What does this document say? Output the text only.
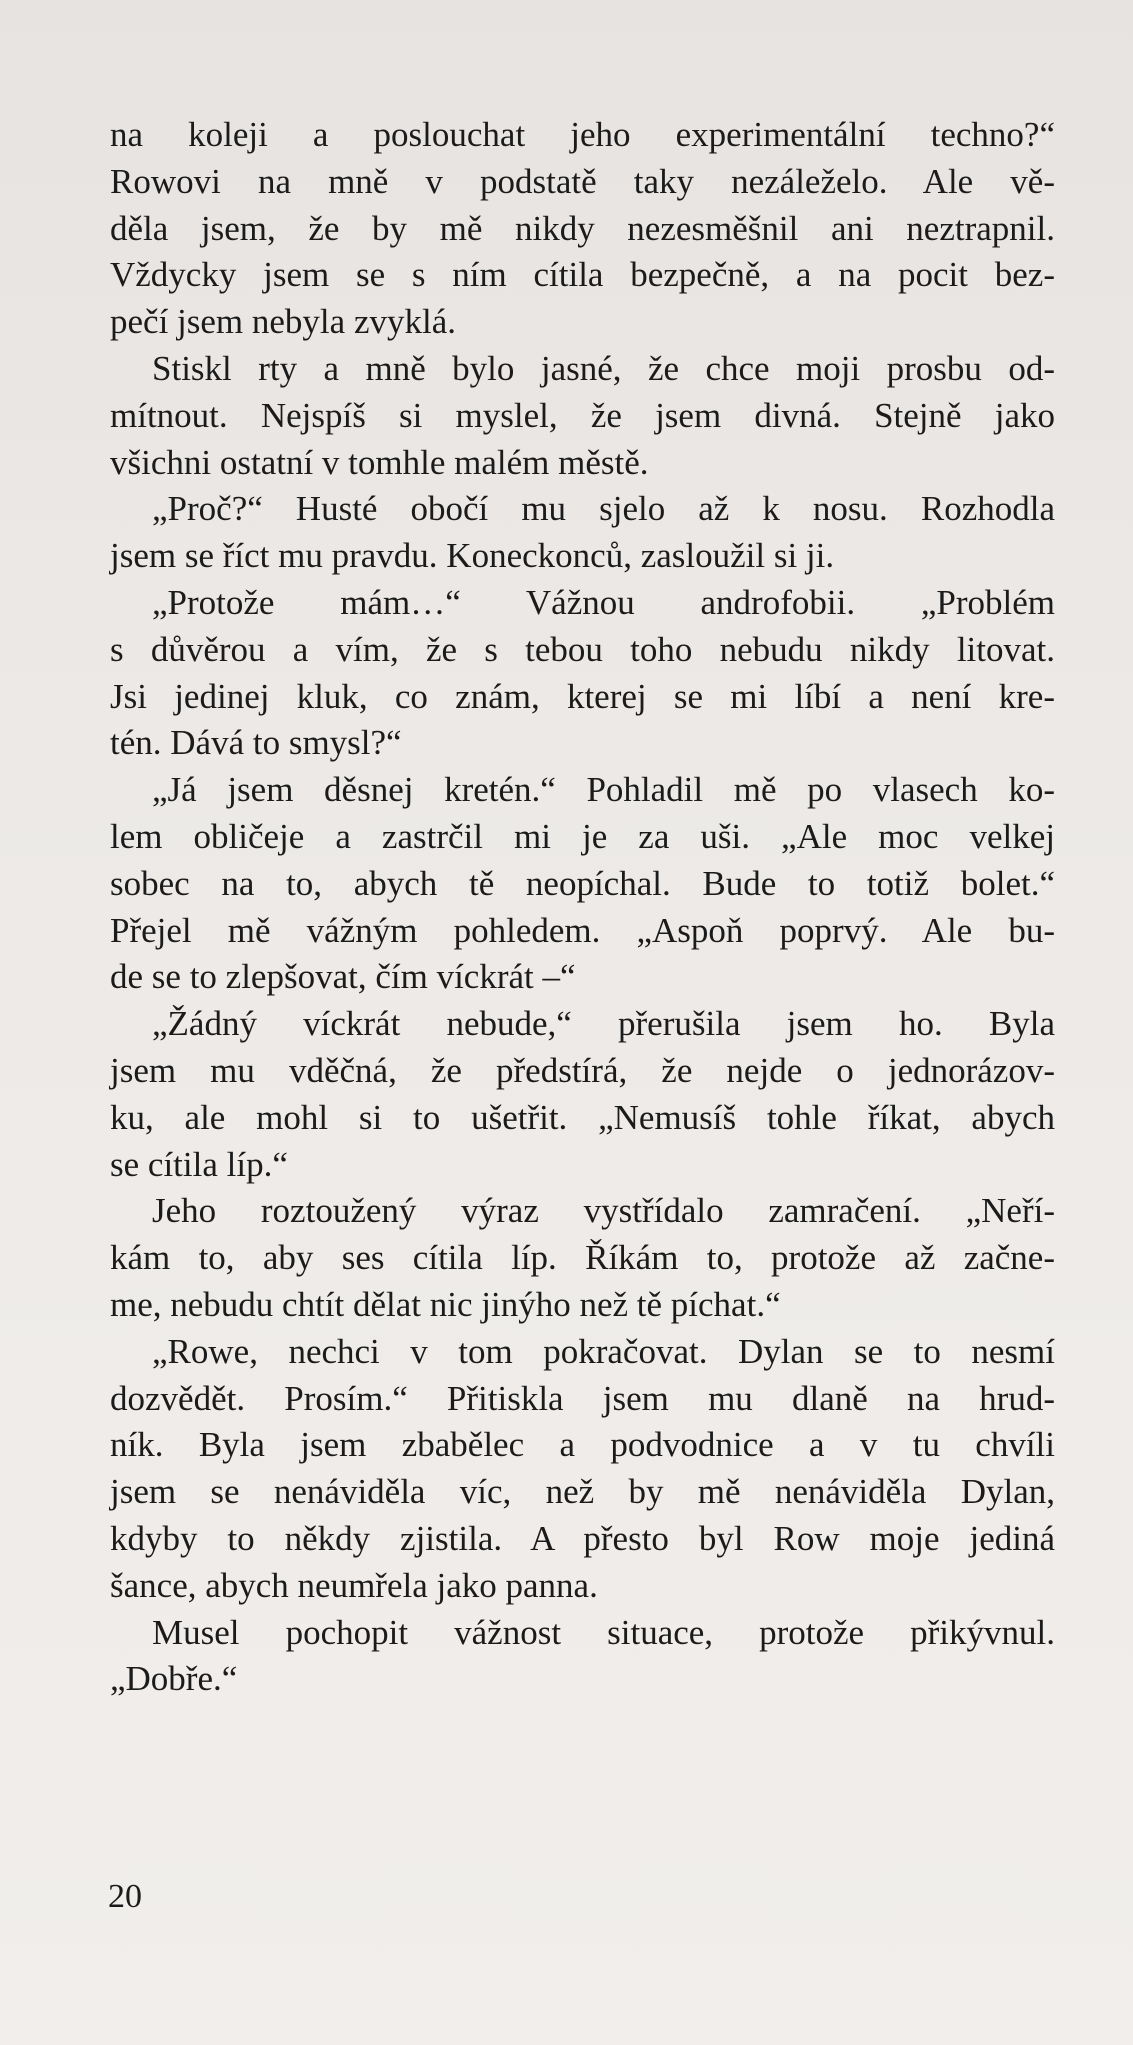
na koleji a poslouchat jeho experimentální techno?“
Rowovi na mně v podstatě taky nezáleželo. Ale vě-
děla jsem, že by mě nikdy nezesměšnil ani neztrapnil.
Vždycky jsem se s ním cítila bezpečně, a na pocit bez-
pečí jsem nebyla zvyklá.
Stiskl rty a mně bylo jasné, že chce moji prosbu od-
mítnout. Nejspíš si myslel, že jsem divná. Stejně jako
všichni ostatní v tomhle malém městě.
„Proč?“ Husté obočí mu sjelo až k nosu. Rozhodla
jsem se říct mu pravdu. Koneckonců, zasloužil si ji.
„Protože mám…“ Vážnou androfobii. „Problém
s důvěrou a vím, že s tebou toho nebudu nikdy litovat.
Jsi jedinej kluk, co znám, kterej se mi líbí a není kre-
tén. Dává to smysl?“
„Já jsem děsnej kretén.“ Pohladil mě po vlasech ko-
lem obličeje a zastrčil mi je za uši. „Ale moc velkej
sobec na to, abych tě neopíchal. Bude to totiž bolet.“
Přejel mě vážným pohledem. „Aspoň poprvý. Ale bu-
de se to zlepšovat, čím víckrát –“
„Žádný víckrát nebude,“ přerušila jsem ho. Byla
jsem mu vděčná, že předstírá, že nejde o jednorázov-
ku, ale mohl si to ušetřit. „Nemusíš tohle říkat, abych
se cítila líp.“
Jeho roztoužený výraz vystřídalo zamračení. „Neří-
kám to, aby ses cítila líp. Říkám to, protože až začne-
me, nebudu chtít dělat nic jinýho než tě píchat.“
„Rowe, nechci v tom pokračovat. Dylan se to nesmí
dozvědět. Prosím.“ Přitiskla jsem mu dlaně na hrud-
ník. Byla jsem zbabělec a podvodnice a v tu chvíli
jsem se nenáviděla víc, než by mě nenáviděla Dylan,
kdyby to někdy zjistila. A přesto byl Row moje jediná
šance, abych neumřela jako panna.
Musel pochopit vážnost situace, protože přikývnul.
„Dobře.“
20
